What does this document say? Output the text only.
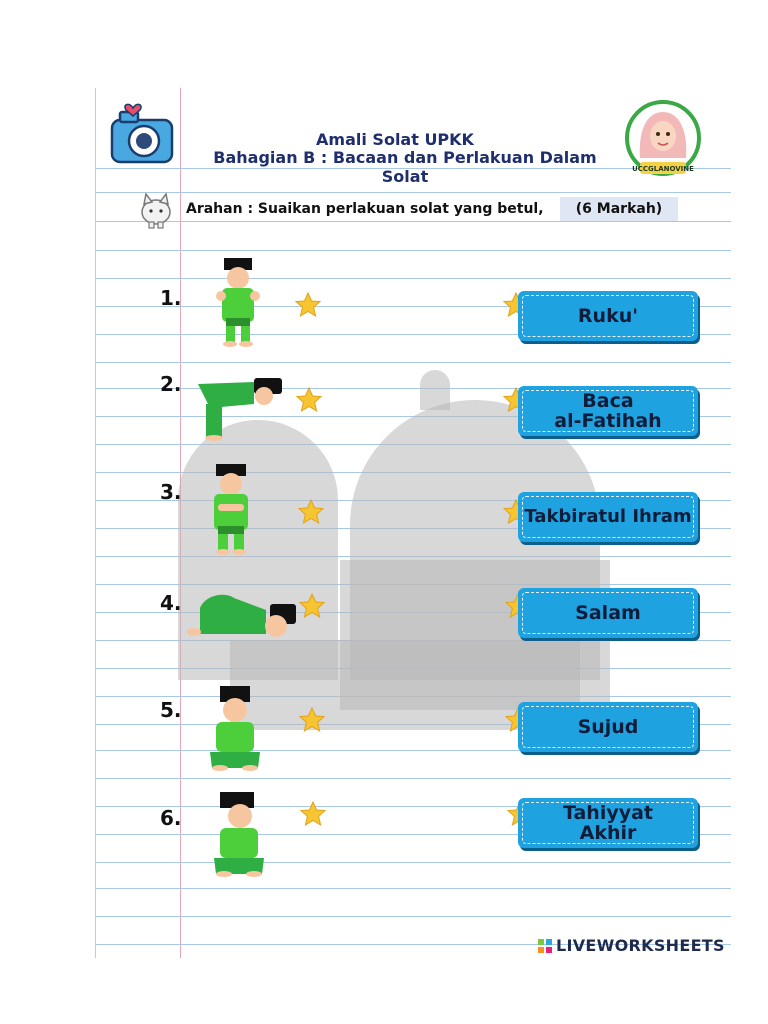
Amali Solat UPKK
Bahagian B : Bacaan dan Perlakuan Dalam Solat	UCCGLANOVINE
Arahan : Suaikan perlakuan solat yang betul,	(6 Markah)
1.
2.
3.
4.
5.
6.
Ruku'
Baca
al-Fatihah
Takbiratul Ihram
Salam
Sujud
Tahiyyat
Akhir
LIVEWORKSHEETS
